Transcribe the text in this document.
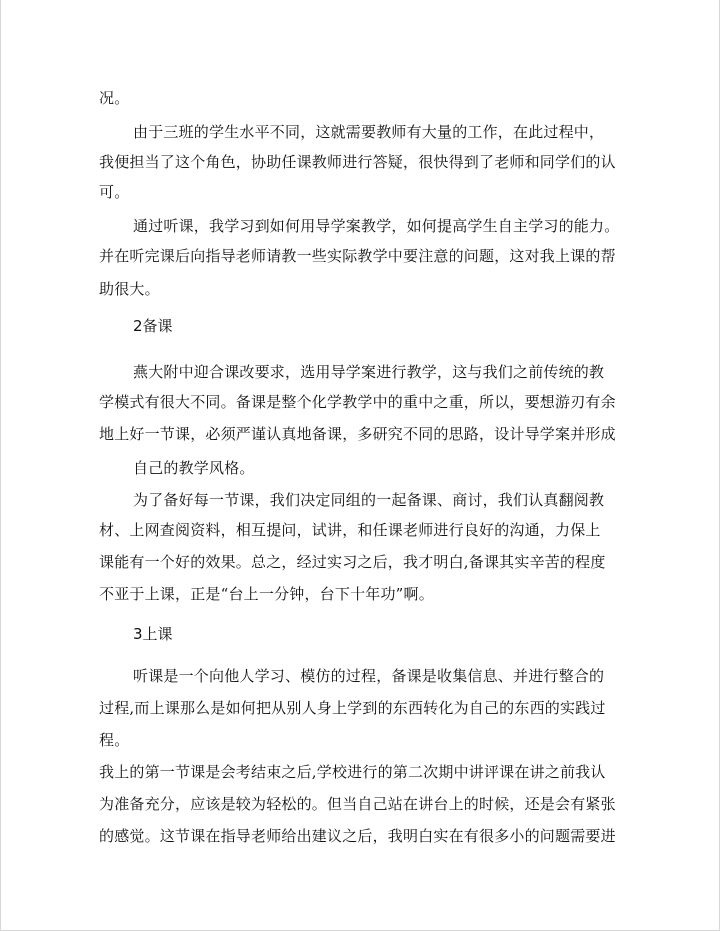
况。
由于三班的学生水平不同，这就需要教师有大量的工作，在此过程中，
我便担当了这个角色，协助任课教师进行答疑，很快得到了老师和同学们的认
可。
通过听课，我学习到如何用导学案教学，如何提高学生自主学习的能力。
并在听完课后向指导老师请教一些实际教学中要注意的问题，这对我上课的帮
助很大。
2备课
燕大附中迎合课改要求，选用导学案进行教学，这与我们之前传统的教
学模式有很大不同。备课是整个化学教学中的重中之重，所以，要想游刃有余
地上好一节课，必须严谨认真地备课，多研究不同的思路，设计导学案并形成
自己的教学风格。
为了备好每一节课，我们决定同组的一起备课、商讨，我们认真翻阅教
材、上网查阅资料，相互提问，试讲，和任课老师进行良好的沟通，力保上
课能有一个好的效果。总之，经过实习之后，我才明白,备课其实辛苦的程度
不亚于上课，正是“台上一分钟，台下十年功”啊。
3上课
听课是一个向他人学习、模仿的过程，备课是收集信息、并进行整合的
过程,而上课那么是如何把从别人身上学到的东西转化为自己的东西的实践过
程。
我上的第一节课是会考结束之后,学校进行的第二次期中讲评课在讲之前我认
为准备充分，应该是较为轻松的。但当自己站在讲台上的时候，还是会有紧张
的感觉。这节课在指导老师给出建议之后，我明白实在有很多小的问题需要进
